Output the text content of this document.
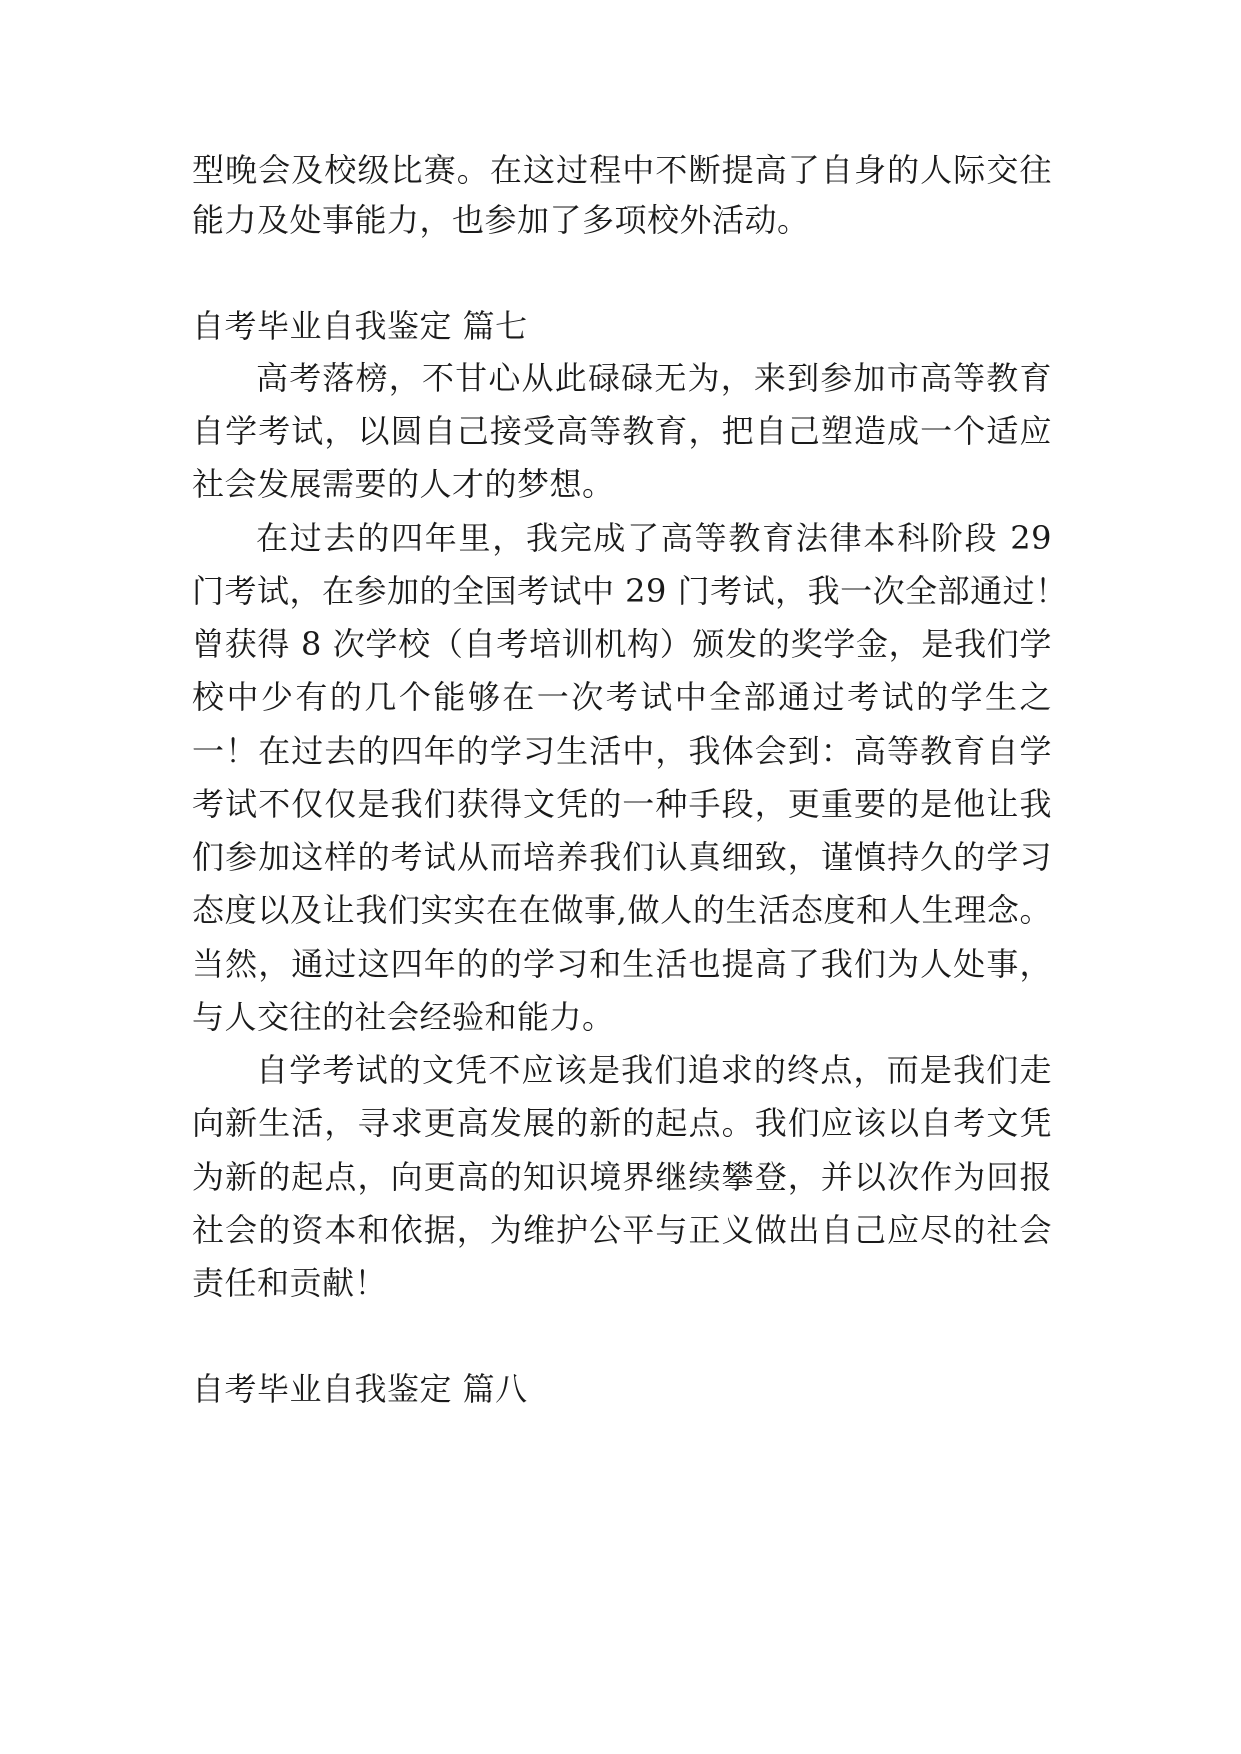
型晚会及校级比赛。在这过程中不断提高了自身的人际交往
能力及处事能力，也参加了多项校外活动。
自考毕业自我鉴定 篇七
高考落榜，不甘心从此碌碌无为，来到参加市高等教育
自学考试，以圆自己接受高等教育，把自己塑造成一个适应
社会发展需要的人才的梦想。
在过去的四年里，我完成了高等教育法律本科阶段 29
门考试，在参加的全国考试中 29 门考试，我一次全部通过！
曾获得 8 次学校（自考培训机构）颁发的奖学金，是我们学
校中少有的几个能够在一次考试中全部通过考试的学生之
一！在过去的四年的学习生活中，我体会到：高等教育自学
考试不仅仅是我们获得文凭的一种手段，更重要的是他让我
们参加这样的考试从而培养我们认真细致，谨慎持久的学习
态度以及让我们实实在在做事,做人的生活态度和人生理念。
当然，通过这四年的的学习和生活也提高了我们为人处事，
与人交往的社会经验和能力。
自学考试的文凭不应该是我们追求的终点，而是我们走
向新生活，寻求更高发展的新的起点。我们应该以自考文凭
为新的起点，向更高的知识境界继续攀登，并以次作为回报
社会的资本和依据，为维护公平与正义做出自己应尽的社会
责任和贡献！
自考毕业自我鉴定 篇八
